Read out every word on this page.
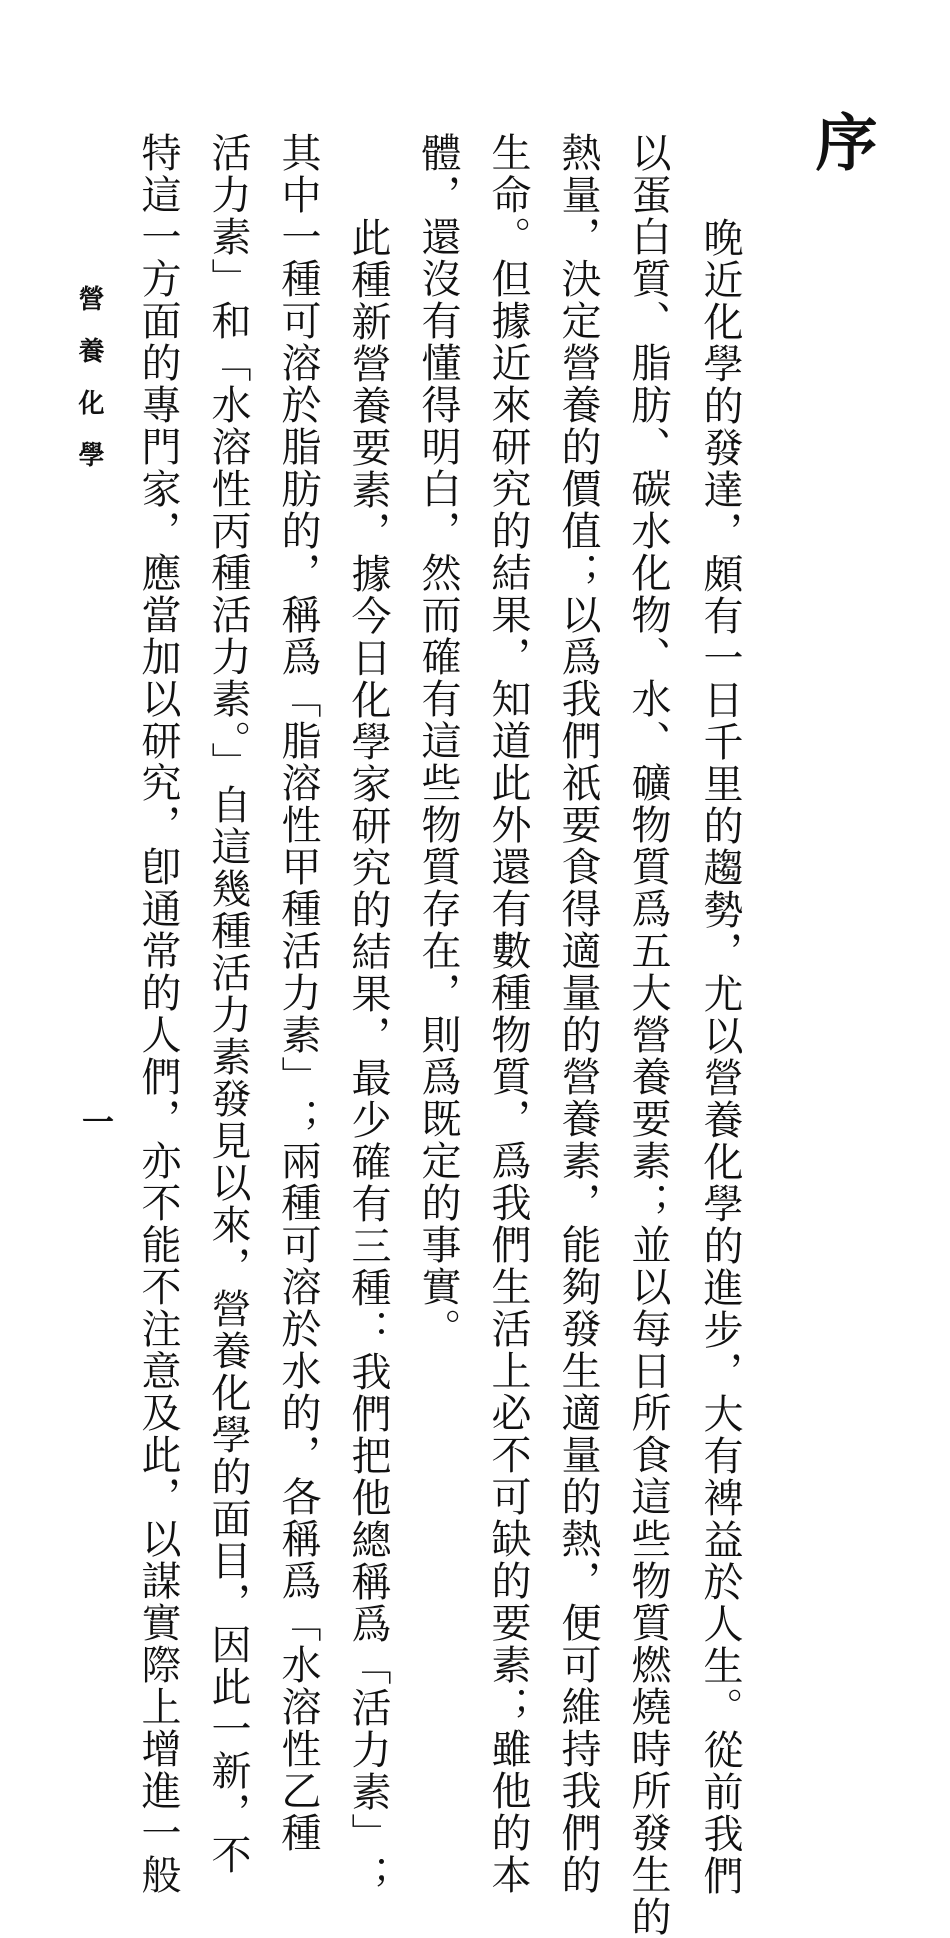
序
　晚近化學的發達，頗有一日千里的趨勢，尤以營養化學的進步，大有裨益於人生。從前我們
以蛋白質、脂肪、碳水化物、水、礦物質爲五大營養要素；並以每日所食這些物質燃燒時所發生的
熱量，決定營養的價值；以爲我們祇要食得適量的營養素，能夠發生適量的熱，便可維持我們的
生命。但據近來研究的結果，知道此外還有數種物質，爲我們生活上必不可缺的要素；雖他的本
體，還沒有懂得明白，然而確有這些物質存在，則爲既定的事實。
　此種新營養要素，據今日化學家研究的結果，最少確有三種：我們把他總稱爲「活力素」；
其中一種可溶於脂肪的，稱爲「脂溶性甲種活力素」；兩種可溶於水的，各稱爲「水溶性乙種
活力素」和「水溶性丙種活力素。」自這幾種活力素發見以來，營養化學的面目，因此一新，不
特這一方面的專門家，應當加以研究，卽通常的人們，亦不能不注意及此，以謀實際上增進一般
營養化學
一
